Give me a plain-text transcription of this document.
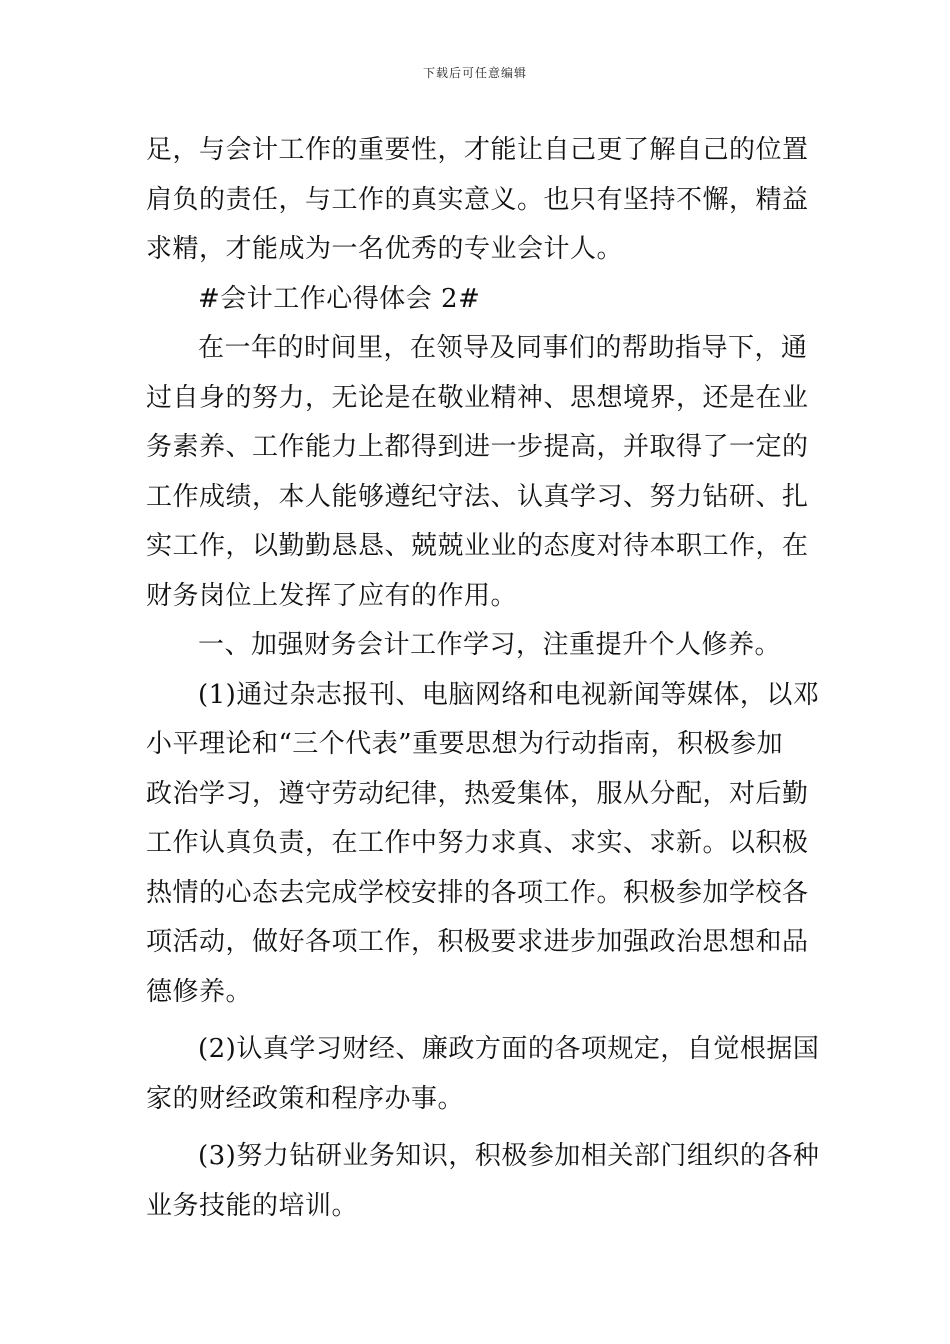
下载后可任意编辑
足，与会计工作的重要性，才能让自己更了解自己的位置
肩负的责任，与工作的真实意义。也只有坚持不懈，精益
求精，才能成为一名优秀的专业会计人。
#会计工作心得体会 2#
在一年的时间里，在领导及同事们的帮助指导下，通
过自身的努力，无论是在敬业精神、思想境界，还是在业
务素养、工作能力上都得到进一步提高，并取得了一定的
工作成绩，本人能够遵纪守法、认真学习、努力钻研、扎
实工作，以勤勤恳恳、兢兢业业的态度对待本职工作，在
财务岗位上发挥了应有的作用。
一、加强财务会计工作学习，注重提升个人修养。
(1)通过杂志报刊、电脑网络和电视新闻等媒体，以邓
小平理论和“三个代表”重要思想为行动指南，积极参加
政治学习，遵守劳动纪律，热爱集体，服从分配，对后勤
工作认真负责，在工作中努力求真、求实、求新。以积极
热情的心态去完成学校安排的各项工作。积极参加学校各
项活动，做好各项工作，积极要求进步加强政治思想和品
德修养。
(2)认真学习财经、廉政方面的各项规定，自觉根据国
家的财经政策和程序办事。
(3)努力钻研业务知识，积极参加相关部门组织的各种
业务技能的培训。
